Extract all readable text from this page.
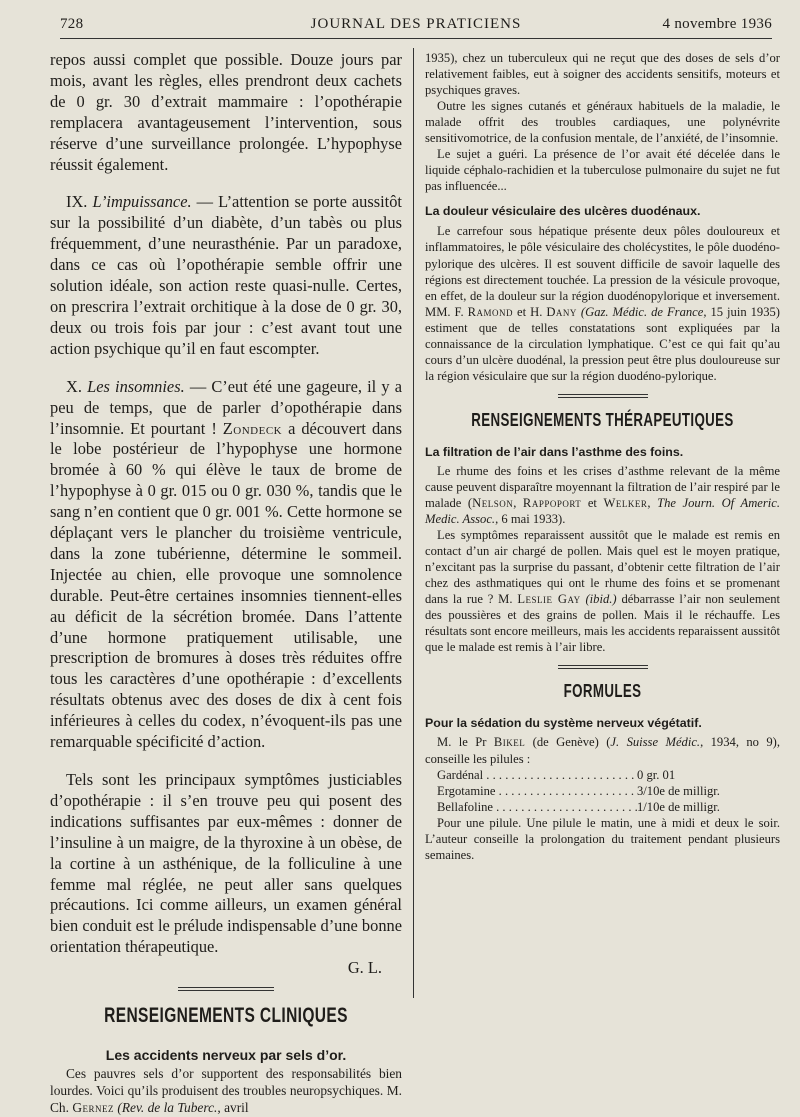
728	JOURNAL DES PRATICIENS	4 novembre 1936

repos aussi complet que possible. Douze jours par mois, avant les règles, elles prendront deux cachets de 0 gr. 30 d’extrait mammaire : l’opothérapie remplacera avantageusement l’intervention, sous réserve d’une surveillance prolongée. L’hypophyse réussit également.

IX. L’impuissance. — L’attention se porte aussitôt sur la possibilité d’un diabète, d’un tabès ou plus fréquemment, d’une neurasthénie. Par un paradoxe, dans ce cas où l’opothérapie semble offrir une solution idéale, son action reste quasi-nulle. Certes, on prescrira l’extrait orchitique à la dose de 0 gr. 30, deux ou trois fois par jour : c’est avant tout une action psychique qu’il en faut escompter.

X. Les insomnies. — C’eut été une gageure, il y a peu de temps, que de parler d’opothérapie dans l’insomnie. Et pourtant ! Zondeck a découvert dans le lobe postérieur de l’hypophyse une hormone bromée à 60 % qui élève le taux de brome de l’hypophyse à 0 gr. 015 ou 0 gr. 030 %, tandis que le sang n’en contient que 0 gr. 001 %. Cette hormone se déplaçant vers le plancher du troisième ventricule, dans la zone tubérienne, détermine le sommeil. Injectée au chien, elle provoque une somnolence durable. Peut-être certaines insomnies tiennent-elles au déficit de la sécrétion bromée. Dans l’attente d’une hormone pratiquement utilisable, une prescription de bromures à doses très réduites offre tous les caractères d’une opothérapie : d’excellents résultats obtenus avec des doses de dix à cent fois inférieures à celles du codex, n’évoquent-ils pas une remarquable spécificité d’action.

Tels sont les principaux symptômes justiciables d’opothérapie : il s’en trouve peu qui posent des indications suffisantes par eux-mêmes : donner de l’insuline à un maigre, de la thyroxine à un obèse, de la cortine à un asthénique, de la folliculine à une femme mal réglée, ne peut aller sans quelques précautions. Ici comme ailleurs, un examen général bien conduit est le prélude indispensable d’une bonne orientation thérapeutique.

G. L.

RENSEIGNEMENTS CLINIQUES
Les accidents nerveux par sels d’or.

Ces pauvres sels d’or supportent des responsabilités bien lourdes. Voici qu’ils produisent des troubles neuropsychiques. M. Ch. Gernez (Rev. de la Tuberc., avril

1935), chez un tuberculeux qui ne reçut que des doses de sels d’or relativement faibles, eut à soigner des accidents sensitifs, moteurs et psychiques graves.

Outre les signes cutanés et généraux habituels de la maladie, le malade offrit des troubles cardiaques, une polynévrite sensitivomotrice, de la confusion mentale, de l’anxiété, de l’insomnie.

Le sujet a guéri. La présence de l’or avait été décelée dans le liquide céphalo-rachidien et la tuberculose pulmonaire du sujet ne fut pas influencée...

La douleur vésiculaire des ulcères duodénaux.

Le carrefour sous hépatique présente deux pôles douloureux et inflammatoires, le pôle vésiculaire des cholécystites, le pôle duodéno-pylorique des ulcères. Il est souvent difficile de savoir laquelle des régions est directement touchée. La pression de la vésicule provoque, en effet, de la douleur sur la région duodénopylorique et inversement. MM. F. Ramond et H. Dany (Gaz. Médic. de France, 15 juin 1935) estiment que de telles constatations sont expliquées par la connaissance de la circulation lymphatique. C’est ce qui fait qu’au cours d’un ulcère duodénal, la pression peut être plus douloureuse sur la région vésiculaire que sur la région duodéno-pylorique.

RENSEIGNEMENTS THÉRAPEUTIQUES
La filtration de l’air dans l’asthme des foins.

Le rhume des foins et les crises d’asthme relevant de la même cause peuvent disparaître moyennant la filtration de l’air respiré par le malade (Nelson, Rappoport et Welker, The Journ. Of Americ. Medic. Assoc., 6 mai 1933).

Les symptômes reparaissent aussitôt que le malade est remis en contact d’un air chargé de pollen. Mais quel est le moyen pratique, n’excitant pas la surprise du passant, d’obtenir cette filtration de l’air chez des asthmatiques qui ont le rhume des foins et se promenant dans la rue ? M. Leslie Gay (ibid.) débarrasse l’air non seulement des poussières et des grains de pollen. Mais il le réchauffe. Les résultats sont encore meilleurs, mais les accidents reparaissent aussitôt que le malade est remis à l’air libre.

FORMULES
Pour la sédation du système nerveux végétatif.

M. le Pr Bikel (de Genève) (J. Suisse Médic., 1934, no 9), conseille les pilules :

Gardénal . . .	0 gr. 01
Ergotamine . . .	3/10e de milligr.
Bellafoline . . .	1/10e de milligr.

Pour une pilule. Une pilule le matin, une à midi et deux le soir. L’auteur conseille la prolongation du traitement pendant plusieurs semaines.
